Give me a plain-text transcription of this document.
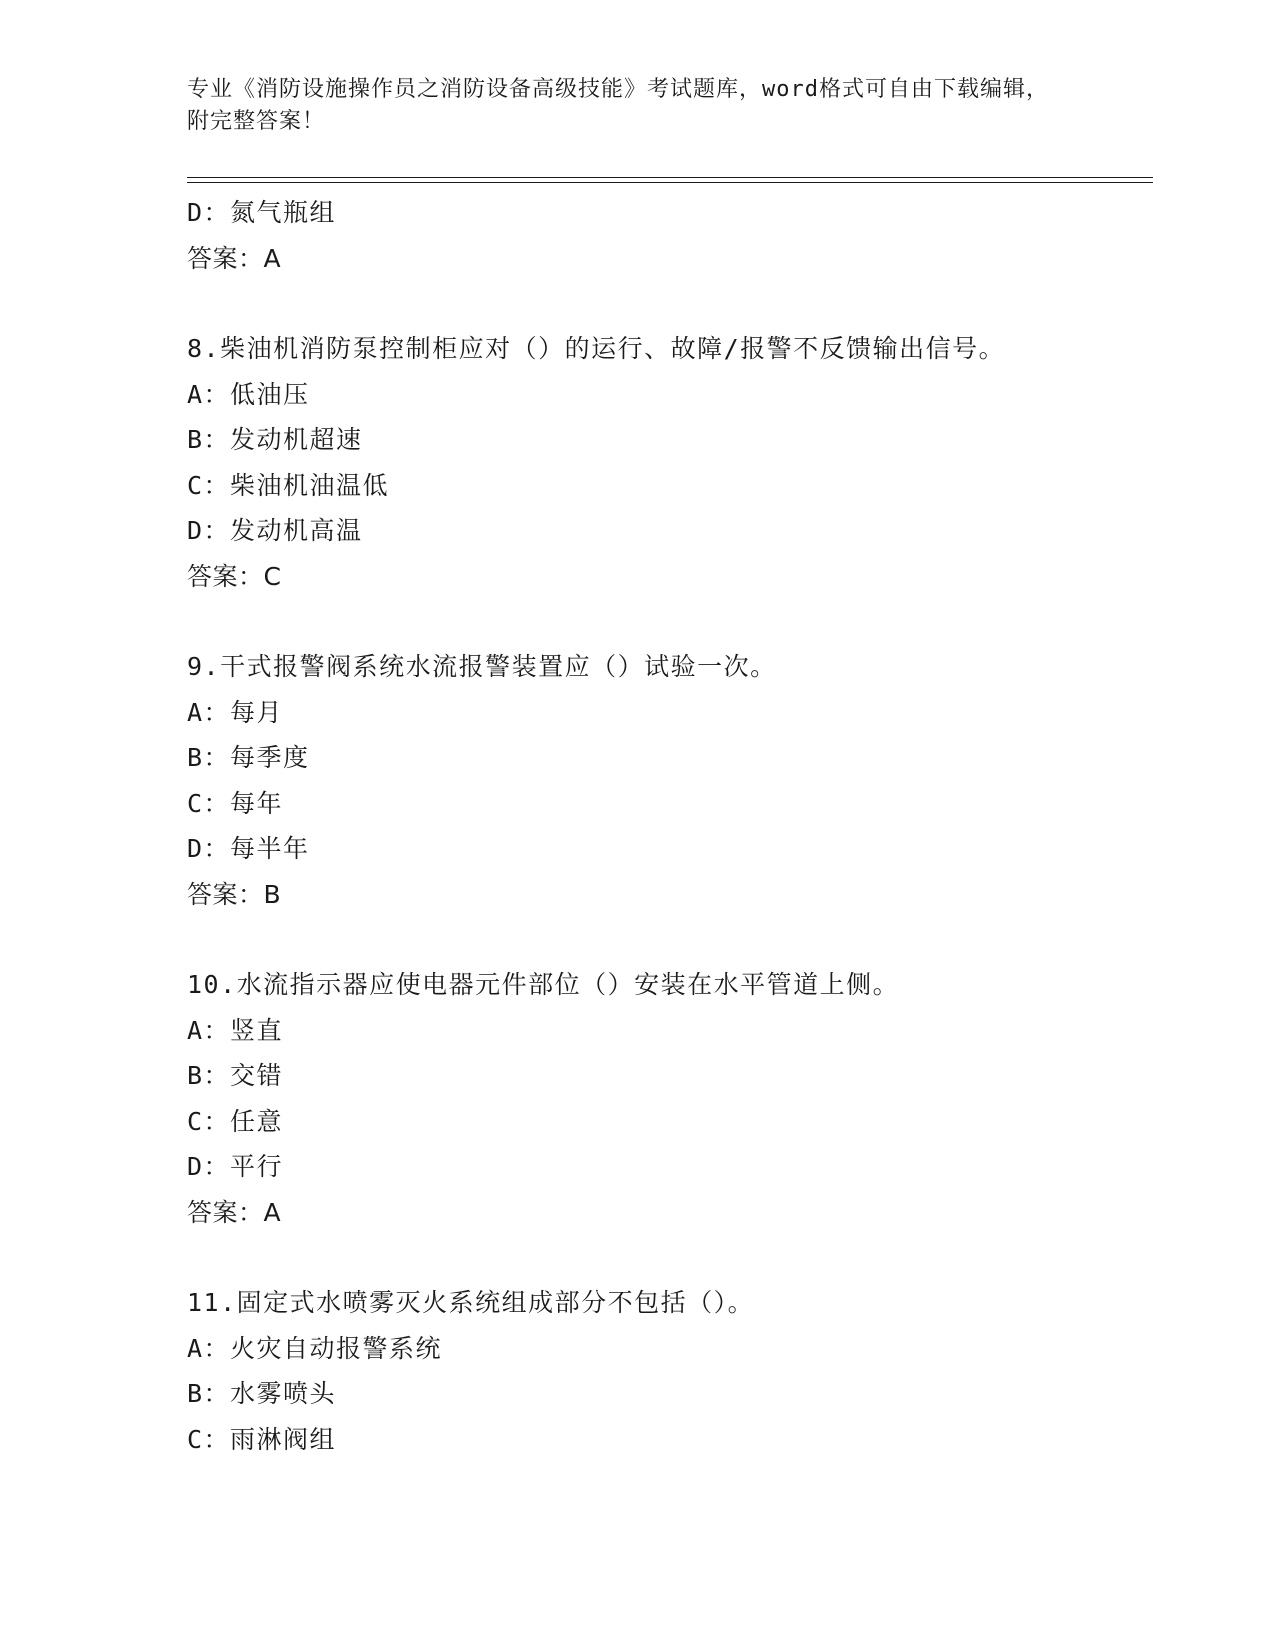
专业《消防设施操作员之消防设备高级技能》考试题库，word格式可自由下载编辑，附完整答案！
D：氮气瓶组
答案：A
8.柴油机消防泵控制柜应对（）的运行、故障/报警不反馈输出信号。
A：低油压
B：发动机超速
C：柴油机油温低
D：发动机高温
答案：C
9.干式报警阀系统水流报警装置应（）试验一次。
A：每月
B：每季度
C：每年
D：每半年
答案：B
10.水流指示器应使电器元件部位（）安装在水平管道上侧。
A：竖直
B：交错
C：任意
D：平行
答案：A
11.固定式水喷雾灭火系统组成部分不包括（）。
A：火灾自动报警系统
B：水雾喷头
C：雨淋阀组
